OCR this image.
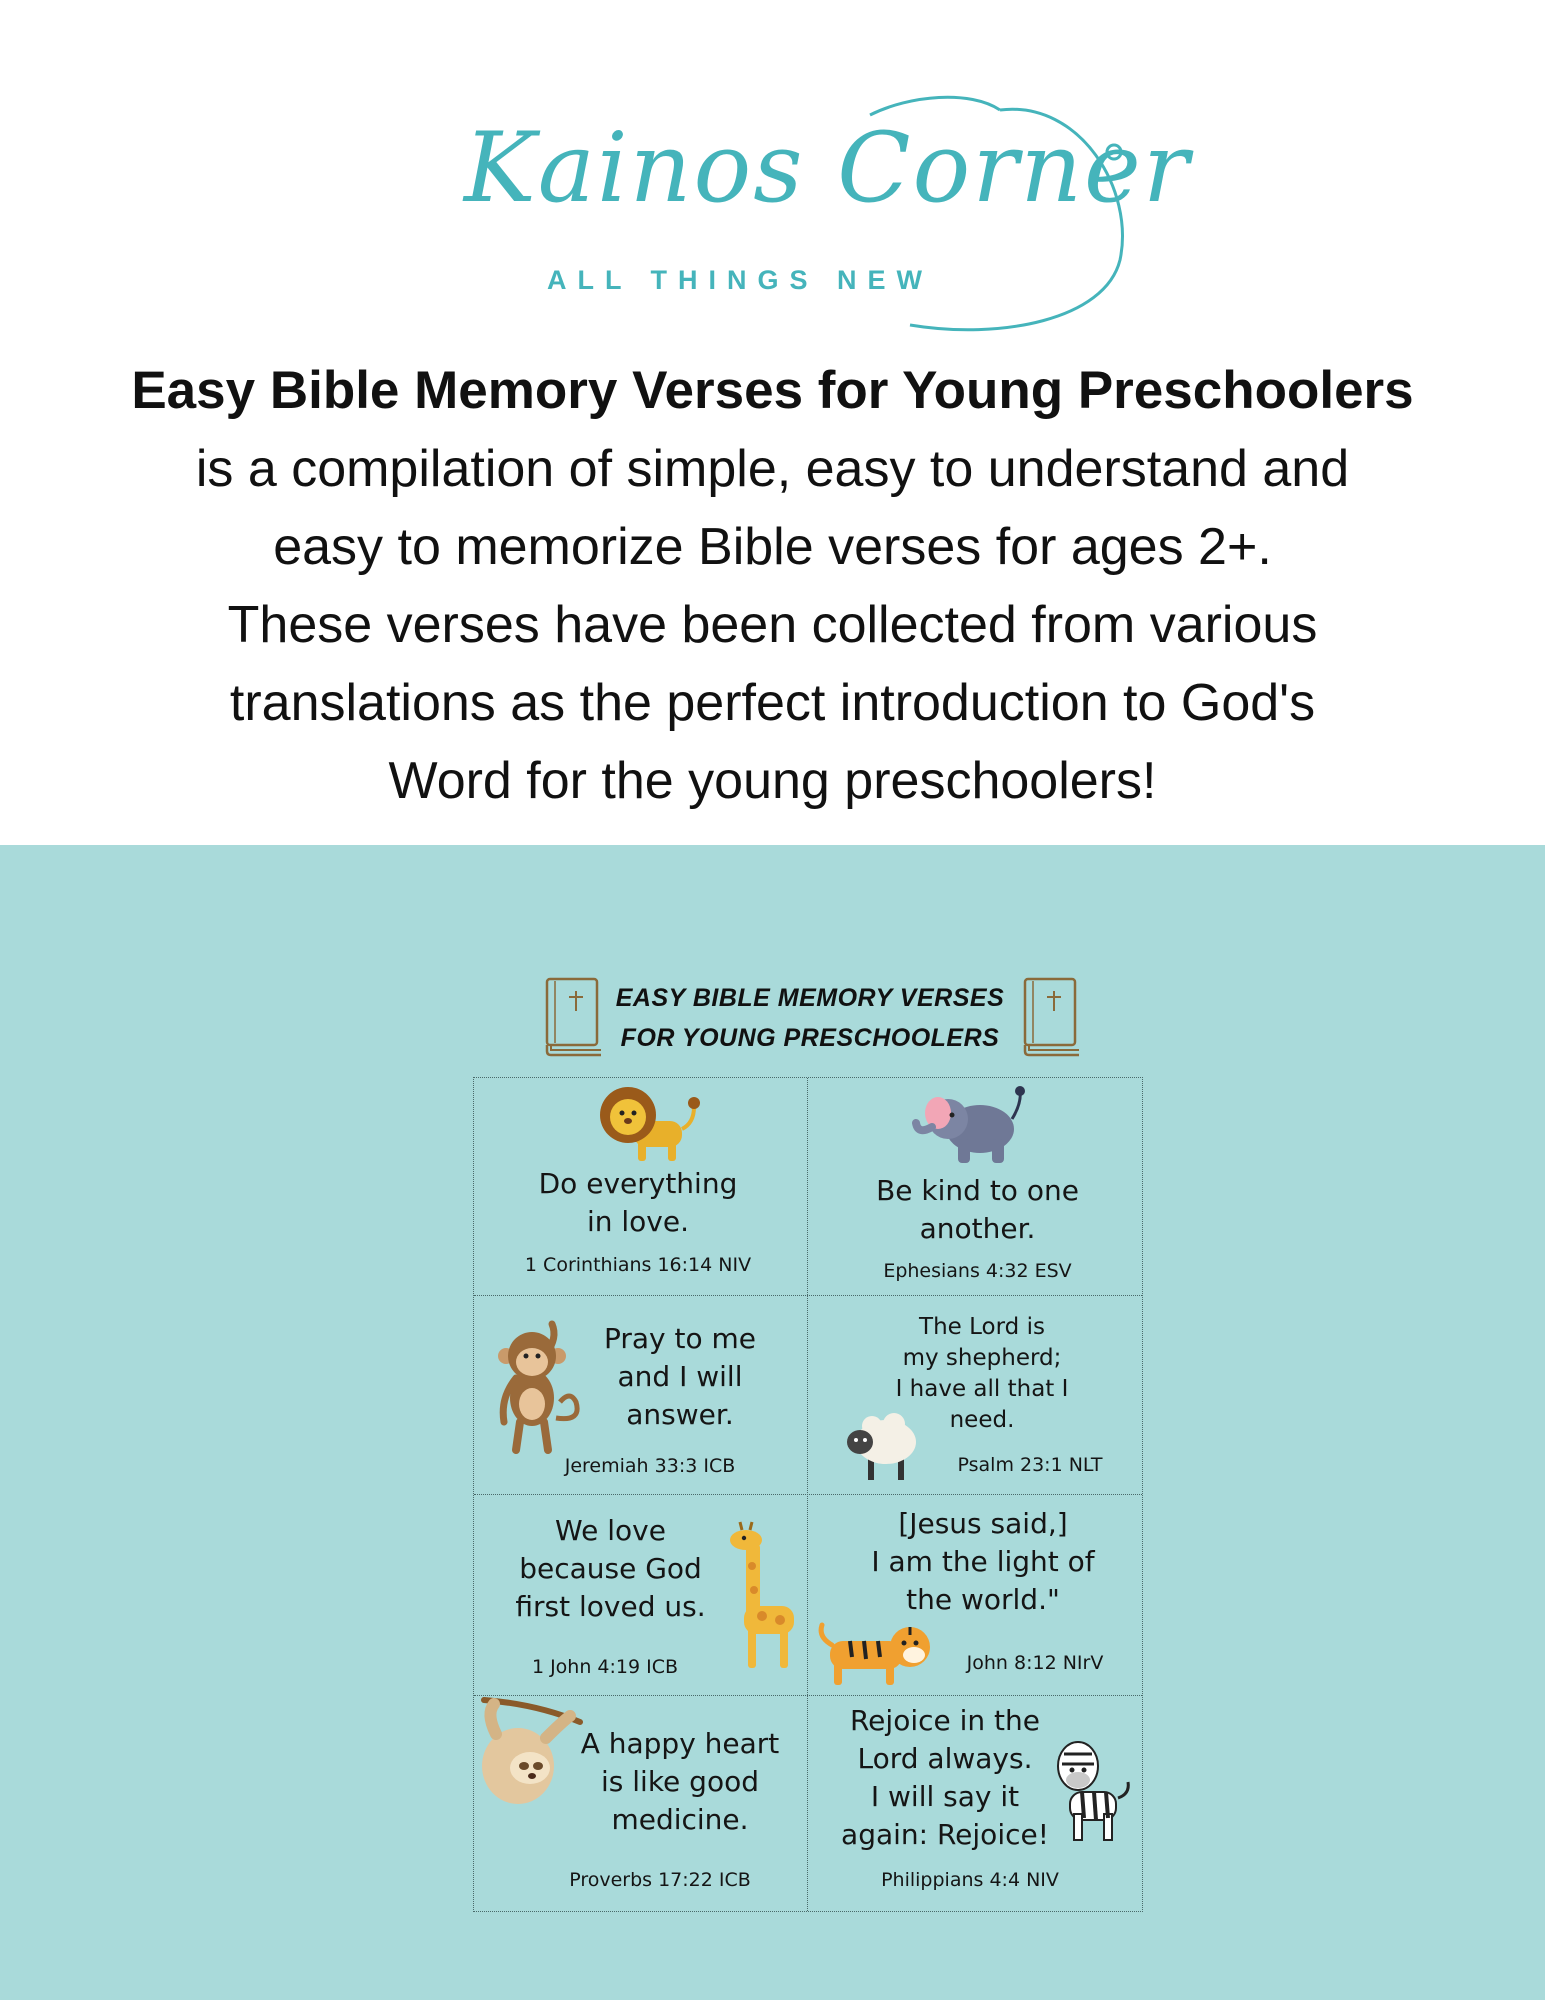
Kainos Corner
ALL THINGS NEW
Easy Bible Memory Verses for Young Preschoolers
is a compilation of simple, easy to understand and
easy to memorize Bible verses for ages 2+.
These verses have been collected from various
translations as the perfect introduction to God's
Word for the young preschoolers!
EASY BIBLE MEMORY VERSES
FOR YOUNG PRESCHOOLERS
Do everything
in love.
1 Corinthians 16:14 NIV
Be kind to one
another.
Ephesians 4:32 ESV
Pray to me
and I will
answer.
Jeremiah 33:3 ICB
The Lord is
my shepherd;
I have all that I
need.
Psalm 23:1 NLT
We love
because God
first loved us.
1 John 4:19 ICB
[Jesus said,]
I am the light of
the world."
John 8:12 NIrV
A happy heart
is like good
medicine.
Proverbs 17:22 ICB
Rejoice in the
Lord always.
I will say it
again: Rejoice!
Philippians 4:4 NIV
